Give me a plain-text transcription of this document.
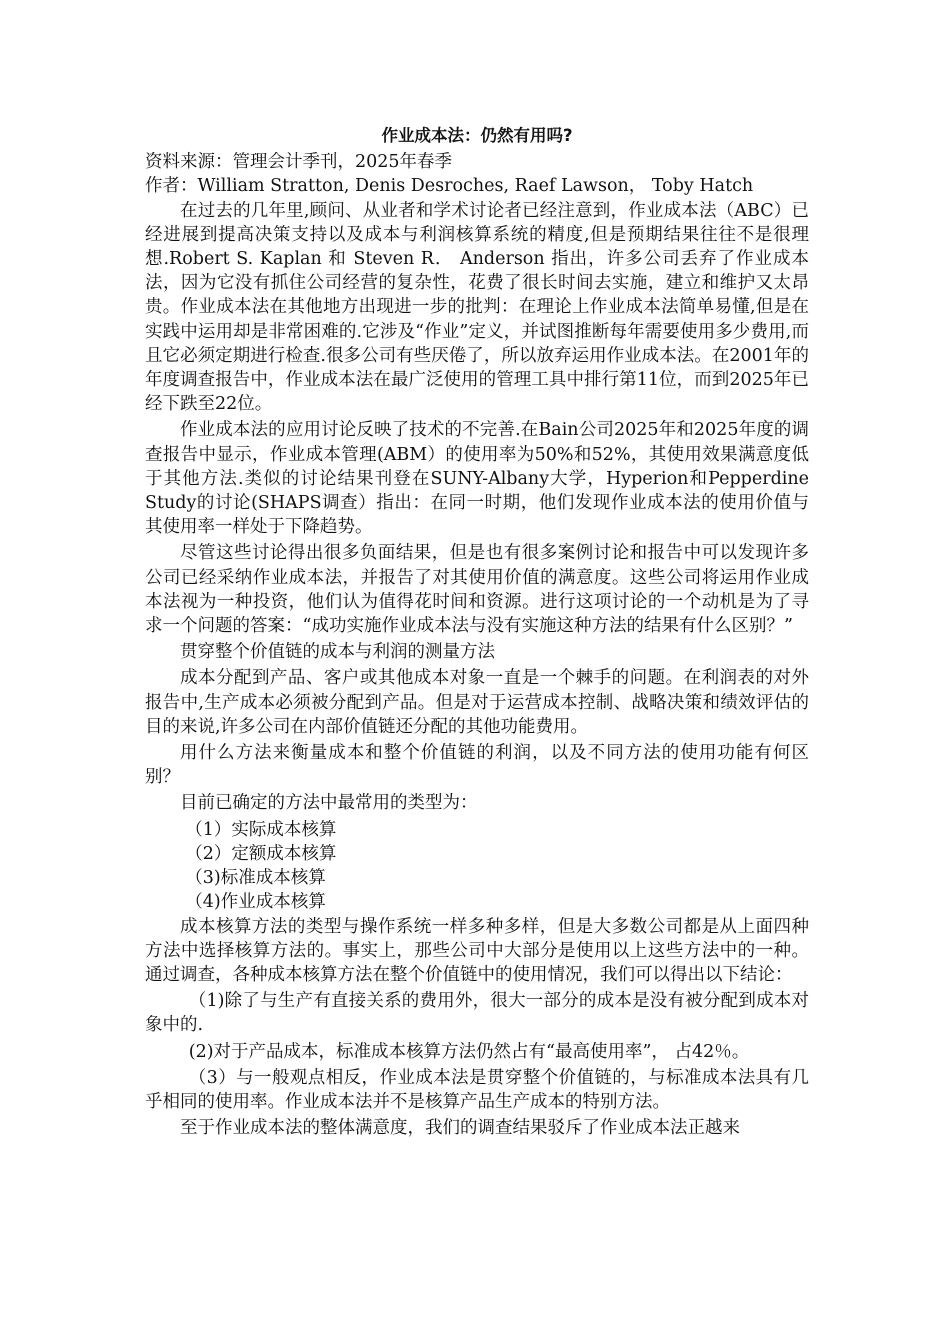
作业成本法：仍然有用吗?

资料来源：管理会计季刊，2025年春季

作者：William Stratton, Denis Desroches, Raef Lawson， Toby Hatch

在过去的几年里,顾问、从业者和学术讨论者已经注意到，作业成本法（ABC）已经进展到提高决策支持以及成本与利润核算系统的精度,但是预期结果往往不是很理想.Robert S. Kaplan 和 Steven R． Anderson 指出，许多公司丢弃了作业成本法，因为它没有抓住公司经营的复杂性，花费了很长时间去实施，建立和维护又太昂贵。作业成本法在其他地方出现进一步的批判：在理论上作业成本法简单易懂,但是在实践中运用却是非常困难的.它涉及“作业”定义，并试图推断每年需要使用多少费用,而且它必须定期进行检查.很多公司有些厌倦了，所以放弃运用作业成本法。在2001年的年度调查报告中，作业成本法在最广泛使用的管理工具中排行第11位，而到2025年已经下跌至22位。

作业成本法的应用讨论反映了技术的不完善.在Bain公司2025年和2025年度的调查报告中显示，作业成本管理(ABM）的使用率为50%和52%，其使用效果满意度低于其他方法.类似的讨论结果刊登在SUNY-Albany大学，Hyperion和Pepperdine Study的讨论(SHAPS调查）指出：在同一时期，他们发现作业成本法的使用价值与其使用率一样处于下降趋势。

尽管这些讨论得出很多负面结果，但是也有很多案例讨论和报告中可以发现许多公司已经采纳作业成本法，并报告了对其使用价值的满意度。这些公司将运用作业成本法视为一种投资，他们认为值得花时间和资源。进行这项讨论的一个动机是为了寻求一个问题的答案：“成功实施作业成本法与没有实施这种方法的结果有什么区别？”

贯穿整个价值链的成本与利润的测量方法

成本分配到产品、客户或其他成本对象一直是一个棘手的问题。在利润表的对外报告中,生产成本必须被分配到产品。但是对于运营成本控制、战略决策和绩效评估的目的来说,许多公司在内部价值链还分配的其他功能费用。

用什么方法来衡量成本和整个价值链的利润，以及不同方法的使用功能有何区别？

目前已确定的方法中最常用的类型为：

（1）实际成本核算

（2）定额成本核算

（3)标准成本核算

（4)作业成本核算

成本核算方法的类型与操作系统一样多种多样，但是大多数公司都是从上面四种方法中选择核算方法的。事实上，那些公司中大部分是使用以上这些方法中的一种。通过调查，各种成本核算方法在整个价值链中的使用情况，我们可以得出以下结论：

（1)除了与生产有直接关系的费用外，很大一部分的成本是没有被分配到成本对象中的.

(2)对于产品成本，标准成本核算方法仍然占有“最高使用率”， 占42％。

（3）与一般观点相反，作业成本法是贯穿整个价值链的，与标准成本法具有几乎相同的使用率。作业成本法并不是核算产品生产成本的特别方法。

至于作业成本法的整体满意度，我们的调查结果驳斥了作业成本法正越来
